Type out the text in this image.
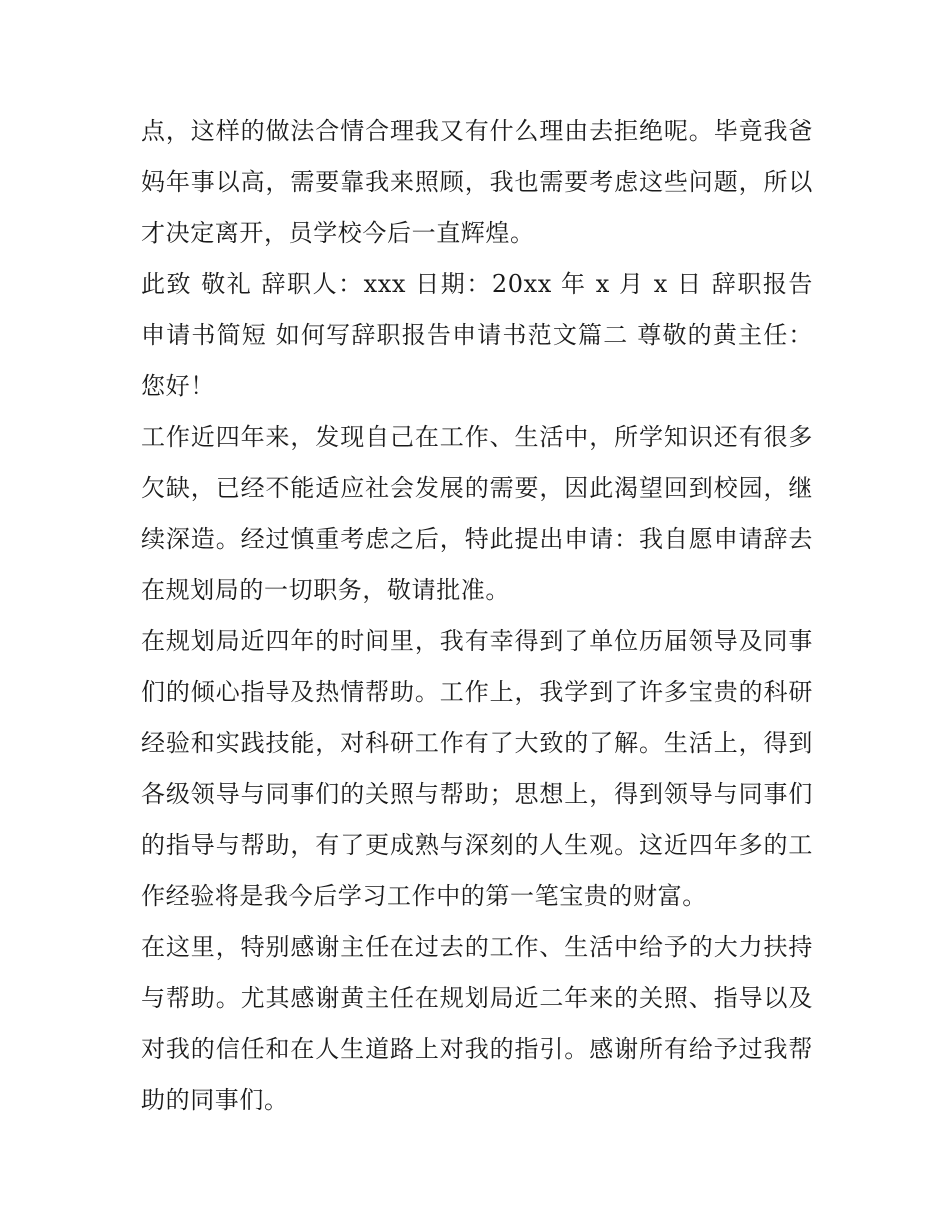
点，这样的做法合情合理我又有什么理由去拒绝呢。毕竟我爸妈年事以高，需要靠我来照顾，我也需要考虑这些问题，所以才决定离开，员学校今后一直辉煌。

此致 敬礼 辞职人：xxx 日期：20xx 年 x 月 x 日 辞职报告申请书简短 如何写辞职报告申请书范文篇二 尊敬的黄主任： 您好！

工作近四年来，发现自己在工作、生活中，所学知识还有很多欠缺，已经不能适应社会发展的需要，因此渴望回到校园，继续深造。经过慎重考虑之后，特此提出申请：我自愿申请辞去在规划局的一切职务，敬请批准。

在规划局近四年的时间里，我有幸得到了单位历届领导及同事们的倾心指导及热情帮助。工作上，我学到了许多宝贵的科研经验和实践技能，对科研工作有了大致的了解。生活上，得到各级领导与同事们的关照与帮助；思想上，得到领导与同事们的指导与帮助，有了更成熟与深刻的人生观。这近四年多的工作经验将是我今后学习工作中的第一笔宝贵的财富。

在这里，特别感谢主任在过去的工作、生活中给予的大力扶持与帮助。尤其感谢黄主任在规划局近二年来的关照、指导以及对我的信任和在人生道路上对我的指引。感谢所有给予过我帮助的同事们。
